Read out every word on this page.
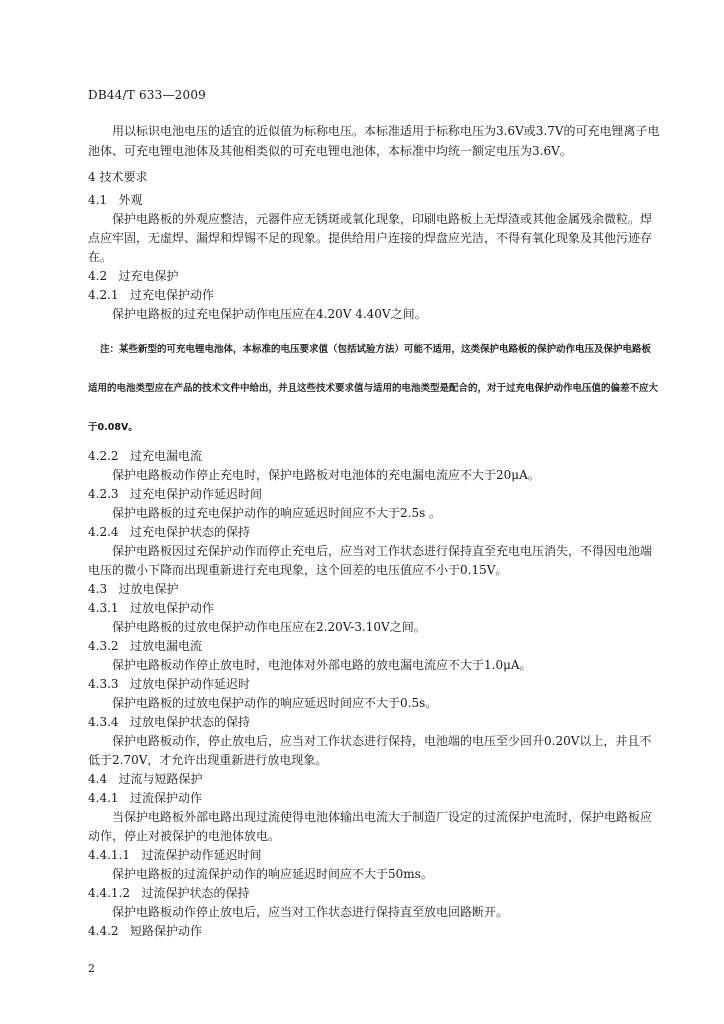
DB44/T 633—2009

用以标识电池电压的适宜的近似值为标称电压。本标准适用于标称电压为3.6V或3.7V的可充电锂离子电池体、可充电锂电池体及其他相类似的可充电锂电池体，本标准中均统一额定电压为3.6V。

4 技术要求

4.1 外观

保护电路板的外观应整洁，元器件应无锈斑或氧化现象，印刷电路板上无焊渣或其他金属残余微粒。焊点应牢固，无虚焊、漏焊和焊锡不足的现象。提供给用户连接的焊盘应光洁，不得有氧化现象及其他污迹存在。

4.2 过充电保护

4.2.1 过充电保护动作

保护电路板的过充电保护动作电压应在4.20V 4.40V之间。

注：某些新型的可充电锂电池体，本标准的电压要求值（包括试验方法）可能不适用，这类保护电路板的保护动作电压及保护电路板适用的电池类型应在产品的技术文件中给出，并且这些技术要求值与适用的电池类型是配合的，对于过充电保护动作电压值的偏差不应大于0.08V。

4.2.2 过充电漏电流

保护电路板动作停止充电时，保护电路板对电池体的充电漏电流应不大于20μA。

4.2.3 过充电保护动作延迟时间

保护电路板的过充电保护动作的响应延迟时间应不大于2.5s 。

4.2.4 过充电保护状态的保持

保护电路板因过充保护动作而停止充电后，应当对工作状态进行保持直至充电电压消失，不得因电池端电压的微小下降而出现重新进行充电现象，这个回差的电压值应不小于0.15V。

4.3 过放电保护

4.3.1 过放电保护动作

保护电路板的过放电保护动作电压应在2.20V-3.10V之间。

4.3.2 过放电漏电流

保护电路板动作停止放电时，电池体对外部电路的放电漏电流应不大于1.0μA。

4.3.3 过放电保护动作延迟时

保护电路板的过放电保护动作的响应延迟时间应不大于0.5s。

4.3.4 过放电保护状态的保持

保护电路板动作，停止放电后，应当对工作状态进行保持，电池端的电压至少回升0.20V以上，并且不低于2.70V，才允许出现重新进行放电现象。

4.4 过流与短路保护

4.4.1 过流保护动作

当保护电路板外部电路出现过流使得电池体输出电流大于制造厂设定的过流保护电流时，保护电路板应动作，停止对被保护的电池体放电。

4.4.1.1 过流保护动作延迟时间

保护电路板的过流保护动作的响应延迟时间应不大于50ms。

4.4.1.2 过流保护状态的保持

保护电路板动作停止放电后，应当对工作状态进行保持直至放电回路断开。

4.4.2 短路保护动作

2
